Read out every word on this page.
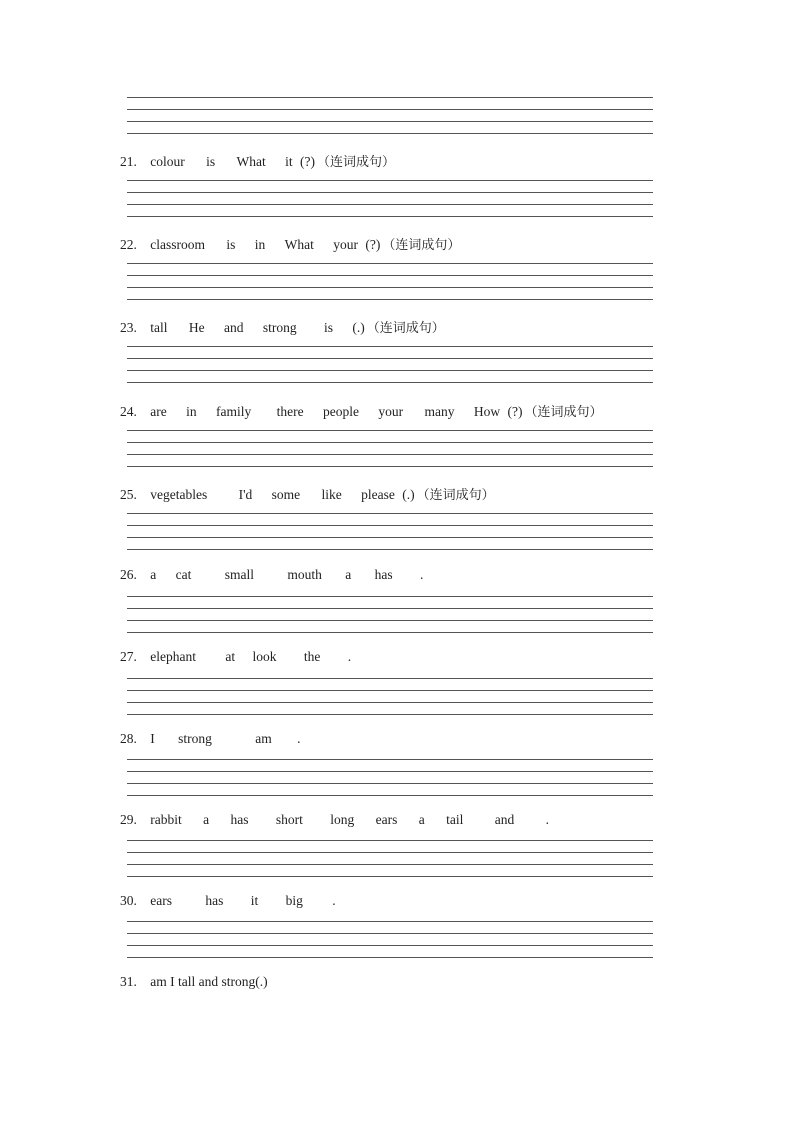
21. colour is What it (?) （连词成句）
22. classroom is in What your (?) （连词成句）
23. tall He and strong is (.) （连词成句）
24. are in family there people your many How (?) （连词成句）
25. vegetables I'd some like please (.) （连词成句）
26. a cat small mouth a has .
27. elephant at look the .
28. I strong	am .
29. rabbit a has short long ears a tail and .
30. ears has it big .
31. am I tall and strong(.)
